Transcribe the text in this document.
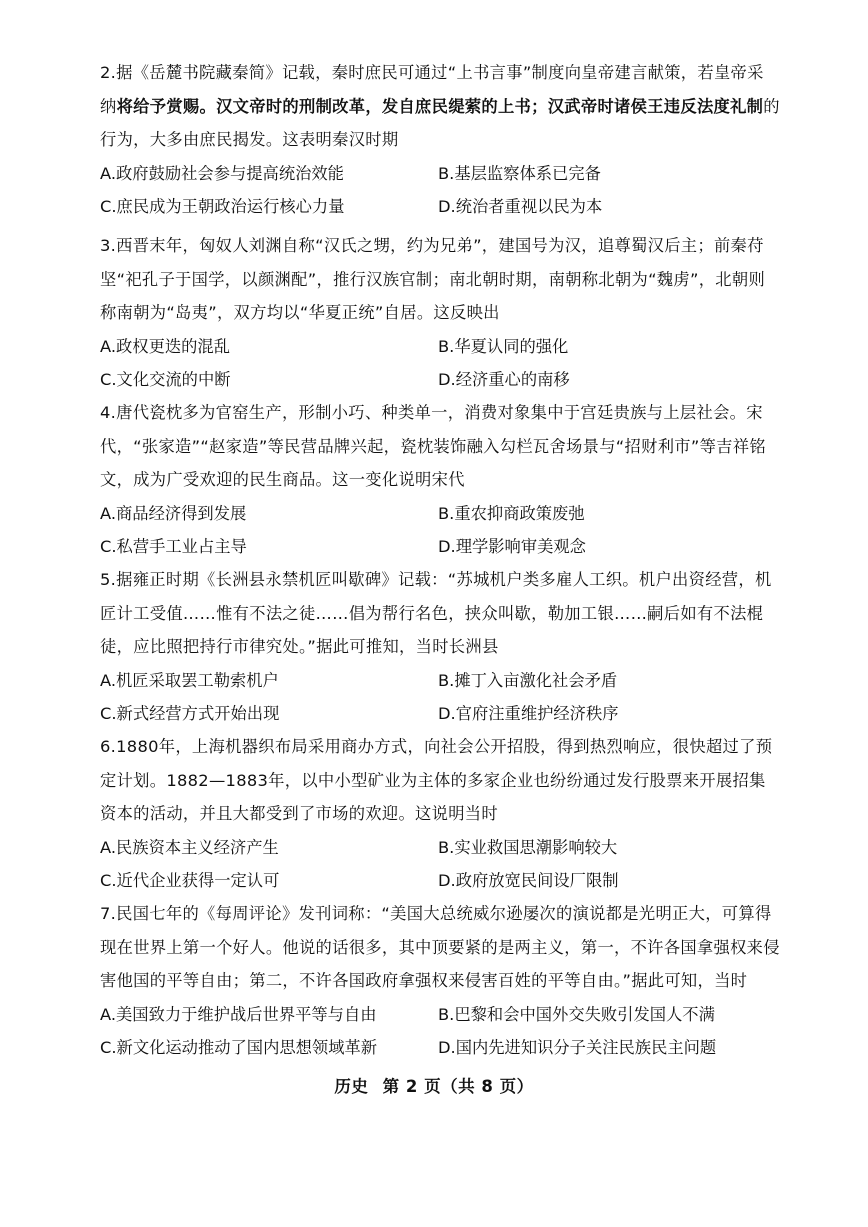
2.据《岳麓书院藏秦简》记载，秦时庶民可通过“上书言事”制度向皇帝建言献策，若皇帝采纳将给予赏赐。汉文帝时的刑制改革，发自庶民缇萦的上书；汉武帝时诸侯王违反法度礼制的行为，大多由庶民揭发。这表明秦汉时期
A.政府鼓励社会参与提高统治效能	B.基层监察体系已完备
C.庶民成为王朝政治运行核心力量	D.统治者重视以民为本
3.西晋末年，匈奴人刘渊自称“汉氏之甥，约为兄弟”，建国号为汉，追尊蜀汉后主；前秦苻坚“祀孔子于国学，以颜渊配”，推行汉族官制；南北朝时期，南朝称北朝为“魏虏”，北朝则称南朝为“岛夷”，双方均以“华夏正统”自居。这反映出
A.政权更迭的混乱	B.华夏认同的强化
C.文化交流的中断	D.经济重心的南移
4.唐代瓷枕多为官窑生产，形制小巧、种类单一，消费对象集中于宫廷贵族与上层社会。宋代，“张家造”“赵家造”等民营品牌兴起，瓷枕装饰融入勾栏瓦舍场景与“招财利市”等吉祥铭文，成为广受欢迎的民生商品。这一变化说明宋代
A.商品经济得到发展	B.重农抑商政策废弛
C.私营手工业占主导	D.理学影响审美观念
5.据雍正时期《长洲县永禁机匠叫歇碑》记载：“苏城机户类多雇人工织。机户出资经营，机匠计工受值……惟有不法之徒……倡为帮行名色，挟众叫歇，勒加工银……嗣后如有不法棍徒，应比照把持行市律究处。”据此可推知，当时长洲县
A.机匠采取罢工勒索机户	B.摊丁入亩激化社会矛盾
C.新式经营方式开始出现	D.官府注重维护经济秩序
6.1880年，上海机器织布局采用商办方式，向社会公开招股，得到热烈响应，很快超过了预定计划。1882—1883年，以中小型矿业为主体的多家企业也纷纷通过发行股票来开展招集资本的活动，并且大都受到了市场的欢迎。这说明当时
A.民族资本主义经济产生	B.实业救国思潮影响较大
C.近代企业获得一定认可	D.政府放宽民间设厂限制
7.民国七年的《每周评论》发刊词称：“美国大总统威尔逊屡次的演说都是光明正大，可算得现在世界上第一个好人。他说的话很多，其中顶要紧的是两主义，第一，不许各国拿强权来侵害他国的平等自由；第二，不许各国政府拿强权来侵害百姓的平等自由。”据此可知，当时
A.美国致力于维护战后世界平等与自由	B.巴黎和会中国外交失败引发国人不满
C.新文化运动推动了国内思想领域革新	D.国内先进知识分子关注民族民主问题
历史 第 2 页（共 8 页）
